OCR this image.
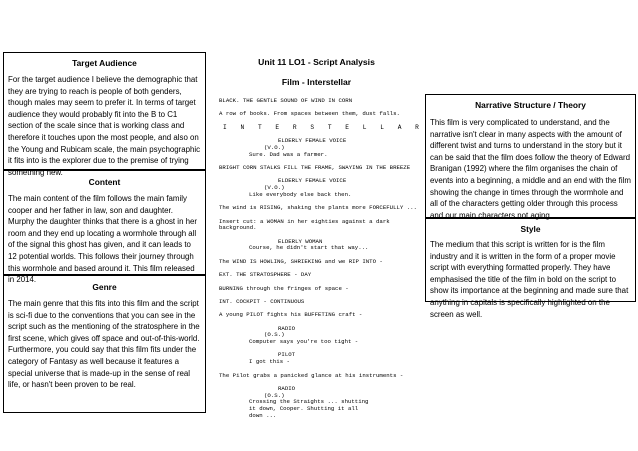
Target Audience
For the target audience I believe the demographic that they are trying to reach is people of both genders, though males may seem to prefer it. In terms of target audience they would probably fit into the B to C1 section of the scale since that is working class and therefore it touches upon the most people, and also on the Young and Rubicam scale, the main psychographic it fits into is the explorer due to the premise of trying something new.
Content
The main content of the film follows the main family cooper and her father in law, son and daughter. Murphy the daughter thinks that there is a ghost in her room and they end up locating a wormhole through all of the signal this ghost has given, and it can leads to 12 potential worlds. This follows their journey through this wormhole and based around it. This film released in 2014.
Genre
The main genre that this fits into this film and the script is sci-fi due to the conventions that you can see in the script such as the mentioning of the stratosphere in the first scene, which gives off space and out-of-this-world. Furthermore, you could say that this film fits under the category of Fantasy as well because it features a special universe that is made-up in the sense of real life, or hasn't been proven to be real.
Unit 11 LO1 - Script Analysis
Film - Interstellar
BLACK. THE GENTLE SOUND OF WIND IN CORN
A row of books. From spaces between them, dust falls.
I N T E R S T E L L A R
ELDERLY FEMALE VOICE
(V.O.)
Sure. Dad was a farmer.
BRIGHT CORN STALKS FILL THE FRAME, SWAYING IN THE BREEZE
ELDERLY FEMALE VOICE
(V.O.)
Like everybody else back then.
The wind is RISING, shaking the plants more FORCEFULLY ...
Insert cut: a WOMAN in her eighties against a dark
background.
ELDERLY WOMAN
Course, he didn't start that way...
The WIND IS HOWLING, SHRIEKING and we RIP INTO -
EXT. THE STRATOSPHERE - DAY
BURNING through the fringes of space -
INT. COCKPIT - CONTINUOUS
A young PILOT fights his BUFFETING craft -
RADIO
(O.S.)
Computer says you're too tight -
PILOT
I got this -
The Pilot grabs a panicked glance at his instruments -
RADIO
(O.S.)
Crossing the Straights ... shutting
it down, Cooper. Shutting it all
down ...
Narrative Structure / Theory
This film is very complicated to understand, and the narrative isn't clear in many aspects with the amount of different twist and turns to understand in the story but it can be said that the film does follow the theory of Edward Branigan (1992) where the film organises the chain of events into a beginning, a middle and an end with the film showing the change in times through the wormhole and all of the characters getting older through this process and our main characters not aging.
Style
The medium that this script is written for is the film industry and it is written in the form of a proper movie script with everything formatted properly. They have emphasised the title of the film in bold on the script to show its importance at the beginning and made sure that anything in capitals is specifically highlighted on the screen as well.
